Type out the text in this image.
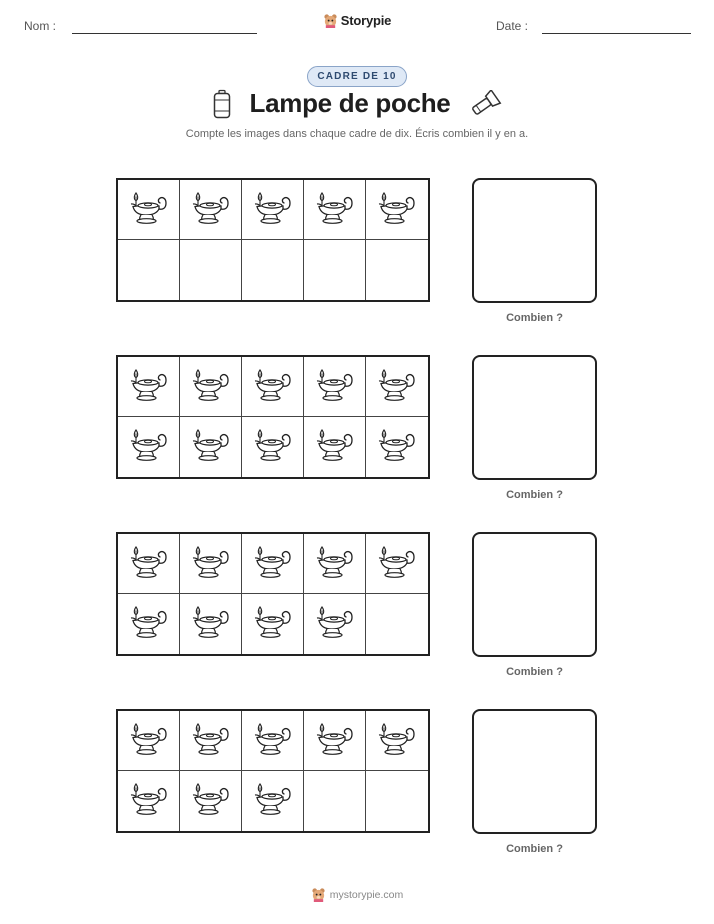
Nom :	Storypie	Date :
CADRE DE 10
Lampe de poche
Compte les images dans chaque cadre de dix. Écris combien il y en a.
Combien ?
Combien ?
Combien ?
Combien ?
mystorypie.com
